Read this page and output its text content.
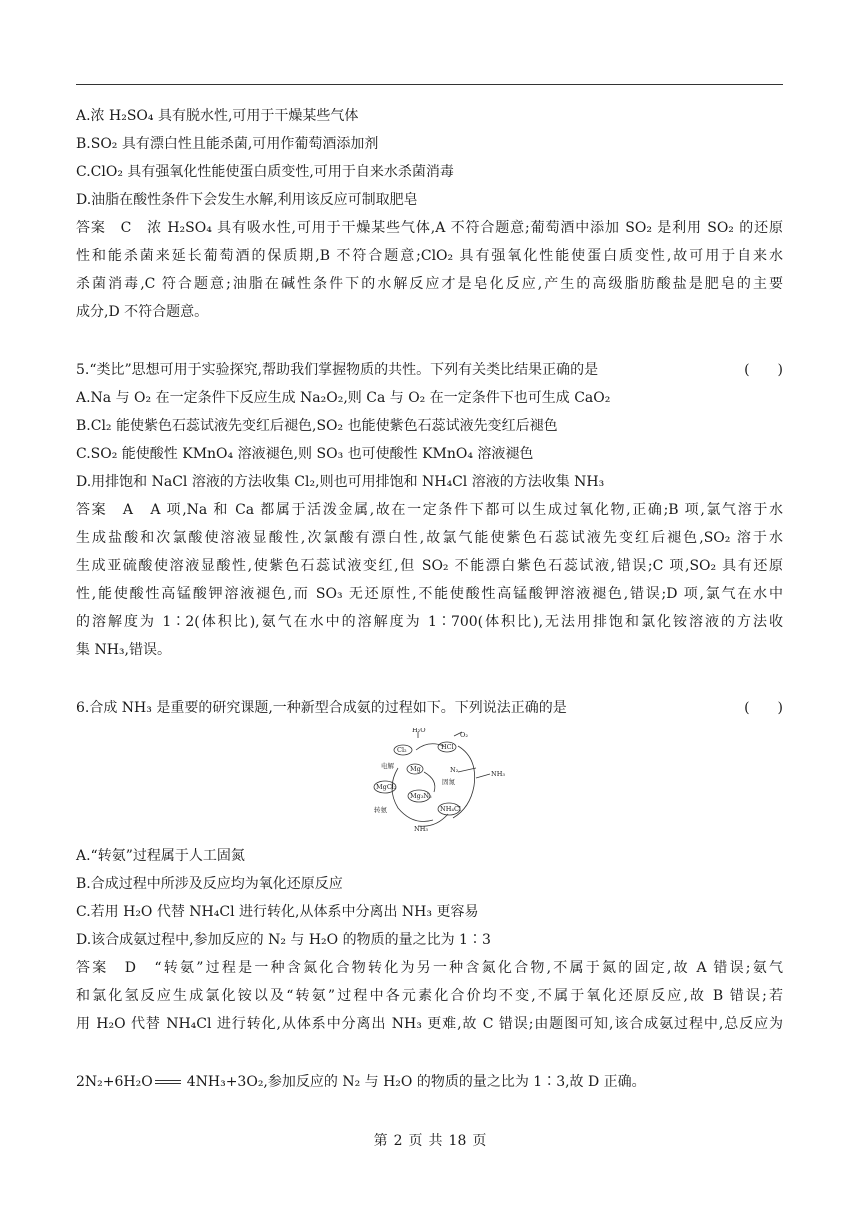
A.浓 H₂SO₄ 具有脱水性,可用于干燥某些气体
B.SO₂ 具有漂白性且能杀菌,可用作葡萄酒添加剂
C.ClO₂ 具有强氧化性能使蛋白质变性,可用于自来水杀菌消毒
D.油脂在酸性条件下会发生水解,利用该反应可制取肥皂
答案　C　浓 H₂SO₄ 具有吸水性,可用于干燥某些气体,A 不符合题意;葡萄酒中添加 SO₂ 是利用 SO₂ 的还原
性和能杀菌来延长葡萄酒的保质期,B 不符合题意;ClO₂ 具有强氧化性能使蛋白质变性,故可用于自来水
杀菌消毒,C 符合题意;油脂在碱性条件下的水解反应才是皂化反应,产生的高级脂肪酸盐是肥皂的主要
成分,D 不符合题意。
5.“类比”思想可用于实验探究,帮助我们掌握物质的共性。下列有关类比结果正确的是	(　　)
A.Na 与 O₂ 在一定条件下反应生成 Na₂O₂,则 Ca 与 O₂ 在一定条件下也可生成 CaO₂
B.Cl₂ 能使紫色石蕊试液先变红后褪色,SO₂ 也能使紫色石蕊试液先变红后褪色
C.SO₂ 能使酸性 KMnO₄ 溶液褪色,则 SO₃ 也可使酸性 KMnO₄ 溶液褪色
D.用排饱和 NaCl 溶液的方法收集 Cl₂,则也可用排饱和 NH₄Cl 溶液的方法收集 NH₃
答案　A　A 项,Na 和 Ca 都属于活泼金属,故在一定条件下都可以生成过氧化物,正确;B 项,氯气溶于水
生成盐酸和次氯酸使溶液显酸性,次氯酸有漂白性,故氯气能使紫色石蕊试液先变红后褪色,SO₂ 溶于水
生成亚硫酸使溶液显酸性,使紫色石蕊试液变红,但 SO₂ 不能漂白紫色石蕊试液,错误;C 项,SO₂ 具有还原
性,能使酸性高锰酸钾溶液褪色,而 SO₃ 无还原性,不能使酸性高锰酸钾溶液褪色,错误;D 项,氯气在水中
的溶解度为 1∶2(体积比),氨气在水中的溶解度为 1∶700(体积比),无法用排饱和氯化铵溶液的方法收
集 NH₃,错误。
6.合成 NH₃ 是重要的研究课题,一种新型合成氨的过程如下。下列说法正确的是	(　　)
H₂O
O₂
Cl₂	HCl
电解 Mg	N₂
MgCl₂
固氮
Mg₃N₂
NH₃
转氨	NH₄Cl
NH₃
A.“转氨”过程属于人工固氮
B.合成过程中所涉及反应均为氧化还原反应
C.若用 H₂O 代替 NH₄Cl 进行转化,从体系中分离出 NH₃ 更容易
D.该合成氨过程中,参加反应的 N₂ 与 H₂O 的物质的量之比为 1∶3
答案　D　“转氨”过程是一种含氮化合物转化为另一种含氮化合物,不属于氮的固定,故 A 错误;氨气
和氯化氢反应生成氯化铵以及“转氨”过程中各元素化合价均不变,不属于氧化还原反应,故 B 错误;若
用 H₂O 代替 NH₄Cl 进行转化,从体系中分离出 NH₃ 更难,故 C 错误;由题图可知,该合成氨过程中,总反应为
2N₂+6H₂O 4NH₃+3O₂,参加反应的 N₂ 与 H₂O 的物质的量之比为 1∶3,故 D 正确。
第 2 页 共 18 页
